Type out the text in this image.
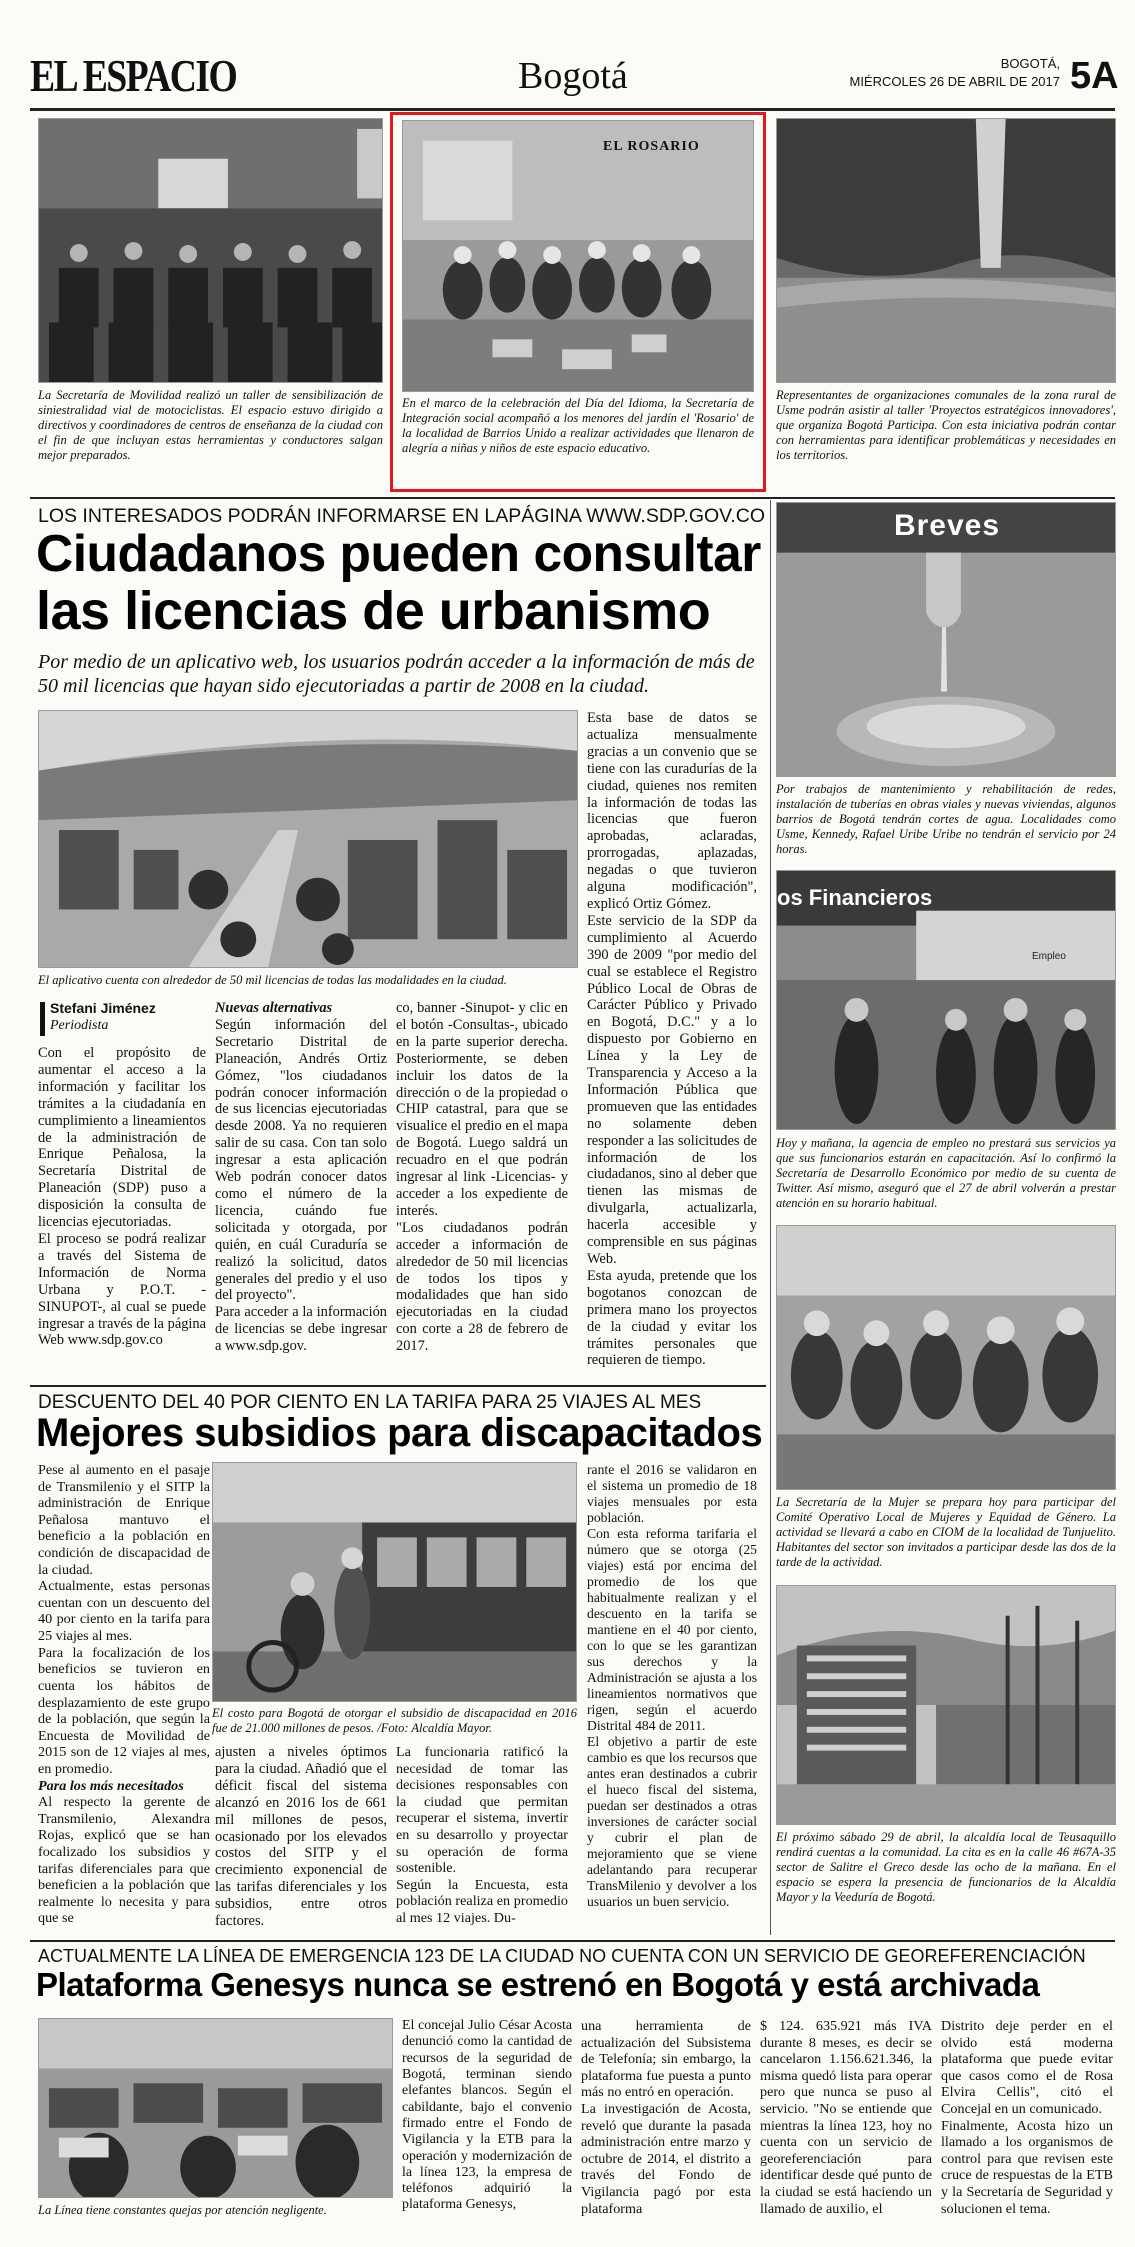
EL ESPACIO	Bogotá	BOGOTÁ,
MIÉRCOLES 26 DE ABRIL DE 2017 5A
La Secretaría de Movilidad realizó un taller de sensibilización de siniestralidad vial de motociclistas. El espacio estuvo dirigido a directivos y coordinadores de centros de enseñanza de la ciudad con el fin de que incluyan estas herramientas y conductores salgan mejor preparados.
EL ROSARIO
En el marco de la celebración del Día del Idioma, la Secretaría de Integración social acompañó a los menores del jardín el 'Rosario' de la localidad de Barrios Unido a realizar actividades que llenaron de alegría a niñas y niños de este espacio educativo.
Representantes de organizaciones comunales de la zona rural de Usme podrán asistir al taller 'Proyectos estratégicos innovadores', que organiza Bogotá Participa. Con esta iniciativa podrán contar con herramientas para identificar problemáticas y necesidades en los territorios.
LOS INTERESADOS PODRÁN INFORMARSE EN LAPÁGINA WWW.SDP.GOV.CO
Ciudadanos pueden consultar
las licencias de urbanismo
Por medio de un aplicativo web, los usuarios podrán acceder a la información de más de 50 mil licencias que hayan sido ejecutoriadas a partir de 2008 en la ciudad.
El aplicativo cuenta con alrededor de 50 mil licencias de todas las modalidades en la ciudad.
Stefani Jiménez
Periodista

Con el propósito de aumentar el acceso a la información y facilitar los trámites a la ciudadanía en cumplimiento a lineamientos de la administración de Enrique Peñalosa, la Secretaría Distrital de Planeación (SDP) puso a disposición la consulta de licencias ejecutoriadas.

El proceso se podrá realizar a través del Sistema de Información de Norma Urbana y P.O.T. -SINUPOT-, al cual se puede ingresar a través de la página Web www.sdp.gov.co

Nuevas alternativas

Según información del Secretario Distrital de Planeación, Andrés Ortiz Gómez, "los ciudadanos podrán conocer información de sus licencias ejecutoriadas desde 2008. Ya no requieren salir de su casa. Con tan solo ingresar a esta aplicación Web podrán conocer datos como el número de la licencia, cuándo fue solicitada y otorgada, por quién, en cuál Curaduría se realizó la solicitud, datos generales del predio y el uso del proyecto".

Para acceder a la información de licencias se debe ingresar a www.sdp.gov.

co, banner -Sinupot- y clic en el botón -Consultas-, ubicado en la parte superior derecha. Posteriormente, se deben incluir los datos de la dirección o de la propiedad o CHIP catastral, para que se visualice el predio en el mapa de Bogotá. Luego saldrá un recuadro en el que podrán ingresar al link -Licencias- y acceder a los expediente de interés.

"Los ciudadanos podrán acceder a información de alrededor de 50 mil licencias de todos los tipos y modalidades que han sido ejecutoriadas en la ciudad con corte a 28 de febrero de 2017.

Esta base de datos se actualiza mensualmente gracias a un convenio que se tiene con las curadurías de la ciudad, quienes nos remiten la información de todas las licencias que fueron aprobadas, aclaradas, prorrogadas, aplazadas, negadas o que tuvieron alguna modificación", explicó Ortiz Gómez.

Este servicio de la SDP da cumplimiento al Acuerdo 390 de 2009 "por medio del cual se establece el Registro Público Local de Obras de Carácter Público y Privado en Bogotá, D.C." y a lo dispuesto por Gobierno en Línea y la Ley de Transparencia y Acceso a la Información Pública que promueven que las entidades no solamente deben responder a las solicitudes de información de los ciudadanos, sino al deber que tienen las mismas de divulgarla, actualizarla, hacerla accesible y comprensible en sus páginas Web.

Esta ayuda, pretende que los bogotanos conozcan de primera mano los proyectos de la ciudad y evitar los trámites personales que requieren de tiempo.

DESCUENTO DEL 40 POR CIENTO EN LA TARIFA PARA 25 VIAJES AL MES
Mejores subsidios para discapacitados

Pese al aumento en el pasaje de Transmilenio y el SITP la administración de Enrique Peñalosa mantuvo el beneficio a la población en condición de discapacidad de la ciudad.

Actualmente, estas personas cuentan con un descuento del 40 por ciento en la tarifa para 25 viajes al mes.

Para la focalización de los beneficios se tuvieron en cuenta los hábitos de desplazamiento de este grupo de la población, que según la Encuesta de Movilidad de 2015 son de 12 viajes al mes, en promedio.

Para los más necesitados

Al respecto la gerente de Transmilenio, Alexandra Rojas, explicó que se han focalizado los subsidios y tarifas diferenciales para que beneficien a la población que realmente lo necesita y para que se

El costo para Bogotá de otorgar el subsidio de discapacidad en 2016 fue de 21.000 millones de pesos. /Foto: Alcaldía Mayor.

ajusten a niveles óptimos para la ciudad. Añadió que el déficit fiscal del sistema alcanzó en 2016 los de 661 mil millones de pesos, ocasionado por los elevados costos del SITP y el crecimiento exponencial de las tarifas diferenciales y los subsidios, entre otros factores.

La funcionaria ratificó la necesidad de tomar las decisiones responsables con la ciudad que permitan recuperar el sistema, invertir en su desarrollo y proyectar su operación de forma sostenible.

Según la Encuesta, esta población realiza en promedio al mes 12 viajes. Du-

rante el 2016 se validaron en el sistema un promedio de 18 viajes mensuales por esta población.

Con esta reforma tarifaria el número que se otorga (25 viajes) está por encima del promedio de los que habitualmente realizan y el descuento en la tarifa se mantiene en el 40 por ciento, con lo que se les garantizan sus derechos y la Administración se ajusta a los lineamientos normativos que rigen, según el acuerdo Distrital 484 de 2011.

El objetivo a partir de este cambio es que los recursos que antes eran destinados a cubrir el hueco fiscal del sistema, puedan ser destinados a otras inversiones de carácter social y cubrir el plan de mejoramiento que se viene adelantando para recuperar TransMilenio y devolver a los usuarios un buen servicio.

Breves
Por trabajos de mantenimiento y rehabilitación de redes, instalación de tuberías en obras viales y nuevas viviendas, algunos barrios de Bogotá tendrán cortes de agua. Localidades como Usme, Kennedy, Rafael Uribe Uribe no tendrán el servicio por 24 horas.
os Financieros
Empleo
Hoy y mañana, la agencia de empleo no prestará sus servicios ya que sus funcionarios estarán en capacitación. Así lo confirmó la Secretaría de Desarrollo Económico por medio de su cuenta de Twitter. Así mismo, aseguró que el 27 de abril volverán a prestar atención en su horario habitual.
La Secretaría de la Mujer se prepara hoy para participar del Comité Operativo Local de Mujeres y Equidad de Género. La actividad se llevará a cabo en CIOM de la localidad de Tunjuelito. Habitantes del sector son invitados a participar desde las dos de la tarde de la actividad.
El próximo sábado 29 de abril, la alcaldía local de Teusaquillo rendirá cuentas a la comunidad. La cita es en la calle 46 #67A-35 sector de Salitre el Greco desde las ocho de la mañana. En el espacio se espera la presencia de funcionarios de la Alcaldía Mayor y la Veeduría de Bogotá.
ACTUALMENTE LA LÍNEA DE EMERGENCIA 123 DE LA CIUDAD NO CUENTA CON UN SERVICIO DE GEOREFERENCIACIÓN
Plataforma Genesys nunca se estrenó en Bogotá y está archivada
La Línea tiene constantes quejas por atención negligente.

El concejal Julio César Acosta denunció como la cantidad de recursos de la seguridad de Bogotá, terminan siendo elefantes blancos. Según el cabildante, bajo el convenio firmado entre el Fondo de Vigilancia y la ETB para la operación y modernización de la línea 123, la empresa de teléfonos adquirió la plataforma Genesys,

una herramienta de actualización del Subsistema de Telefonía; sin embargo, la plataforma fue puesta a punto más no entró en operación.

La investigación de Acosta, reveló que durante la pasada administración entre marzo y octubre de 2014, el distrito a través del Fondo de Vigilancia pagó por esta plataforma

$ 124. 635.921 más IVA durante 8 meses, es decir se cancelaron 1.156.621.346, la misma quedó lista para operar pero que nunca se puso al servicio. "No se entiende que mientras la línea 123, hoy no cuenta con un servicio de georeferenciación para identificar desde qué punto de la ciudad se está haciendo un llamado de auxilio, el

Distrito deje perder en el olvido está moderna plataforma que puede evitar que casos como el de Rosa Elvira Cellis", citó el Concejal en un comunicado.

Finalmente, Acosta hizo un llamado a los organismos de control para que revisen este cruce de respuestas de la ETB y la Secretaría de Seguridad y solucionen el tema.
